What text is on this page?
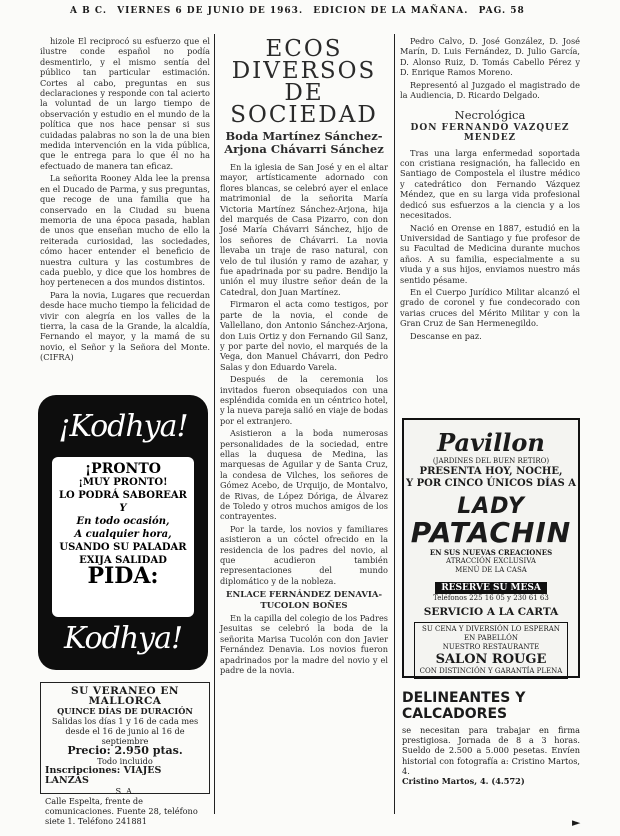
A B C. VIERNES 6 DE JUNIO DE 1963. EDICION DE LA MAÑANA. PAG. 58

hizole El reciprocó su esfuerzo que el ilustre conde español no podía desmentirlo, y el mismo sentía del público tan particular estimación. Cortes al cabo, preguntas en sus declaraciones y responde con tal acierto la voluntad de un largo tiempo de observación y estudio en el mundo de la política que nos hace pensar si sus cuidadas palabras no son la de una bien medida intervención en la vida pública, que le entrega para lo que él no ha efectuado de manera tan eficaz.

La señorita Rooney Alda lee la prensa en el Ducado de Parma, y sus preguntas, que recoge de una familia que ha conservado en la Ciudad su buena memoria de una época pasada, hablan de unos que enseñan mucho de ello la reiterada curiosidad, las sociedades, cómo hacer entender el beneficio de nuestra cultura y las costumbres de cada pueblo, y dice que los hombres de hoy pertenecen a dos mundos distintos.

Para la novia, Lugares que recuerdan desde hace mucho tiempo la felicidad de vivir con alegría en los valles de la tierra, la casa de la Grande, la alcaldía, Fernando el mayor, y la mamá de su novio, el Señor y la Señora del Monte. (CIFRA)

¡Kodhya!
¡PRONTO
¡MUY PRONTO!
LO PODRÁ SABOREAR
Y
En todo ocasión,
A cualquier hora,
USANDO SU PALADAR
EXIJA SALIDAD
PIDA:
Kodhya!
SU VERANEO EN MALLORCA
QUINCE DÍAS DE DURACIÓN
Salidas los días 1 y 16 de cada mes desde el 16 de junio al 16 de septiembre
Precio: 2.950 ptas.
Todo incluido
Inscripciones: VIAJES LANZAS
S. A.
Calle Espelta, frente de comunicaciones. Fuente 28, teléfono siete 1. Teléfono 241881
ECOS DIVERSOS DE SOCIEDAD
Boda Martínez Sánchez-Arjona Chávarri Sánchez

En la iglesia de San José y en el altar mayor, artísticamente adornado con flores blancas, se celebró ayer el enlace matrimonial de la señorita María Victoria Martínez Sánchez-Arjona, hija del marqués de Casa Pizarro, con don José María Chávarri Sánchez, hijo de los señores de Chávarri. La novia llevaba un traje de raso natural, con velo de tul ilusión y ramo de azahar, y fue apadrinada por su padre. Bendijo la unión el muy ilustre señor deán de la Catedral, don Juan Martínez.

Firmaron el acta como testigos, por parte de la novia, el conde de Vallellano, don Antonio Sánchez-Arjona, don Luis Ortiz y don Fernando Gil Sanz, y por parte del novio, el marqués de la Vega, don Manuel Chávarri, don Pedro Salas y don Eduardo Varela.

Después de la ceremonia los invitados fueron obsequiados con una espléndida comida en un céntrico hotel, y la nueva pareja salió en viaje de bodas por el extranjero.

Asistieron a la boda numerosas personalidades de la sociedad, entre ellas la duquesa de Medina, las marquesas de Aguilar y de Santa Cruz, la condesa de Vilches, los señores de Gómez Acebo, de Urquijo, de Montalvo, de Rivas, de López Dóriga, de Álvarez de Toledo y otros muchos amigos de los contrayentes.

Por la tarde, los novios y familiares asistieron a un cóctel ofrecido en la residencia de los padres del novio, al que acudieron también representaciones del mundo diplomático y de la nobleza.

ENLACE FERNÁNDEZ DENAVIA-TUCOLON BOÑES

En la capilla del colegio de los Padres Jesuitas se celebró la boda de la señorita Marisa Tucolón con don Javier Fernández Denavia. Los novios fueron apadrinados por la madre del novio y el padre de la novia.

Pedro Calvo, D. José González, D. José Marín, D. Luis Fernández, D. Julio García, D. Alonso Ruiz, D. Tomás Cabello Pérez y D. Enrique Ramos Moreno.

Representó al Juzgado el magistrado de la Audiencia, D. Ricardo Delgado.

Necrológica
DON FERNANDO VAZQUEZ MENDEZ

Tras una larga enfermedad soportada con cristiana resignación, ha fallecido en Santiago de Compostela el ilustre médico y catedrático don Fernando Vázquez Méndez, que en su larga vida profesional dedicó sus esfuerzos a la ciencia y a los necesitados.

Nació en Orense en 1887, estudió en la Universidad de Santiago y fue profesor de su Facultad de Medicina durante muchos años. A su familia, especialmente a su viuda y a sus hijos, enviamos nuestro más sentido pésame.

En el Cuerpo Jurídico Militar alcanzó el grado de coronel y fue condecorado con varias cruces del Mérito Militar y con la Gran Cruz de San Hermenegildo.

Descanse en paz.

Pavillon
(JARDINES DEL BUEN RETIRO)
PRESENTA HOY, NOCHE,
Y POR CINCO ÚNICOS DÍAS A
LADY
PATACHIN
EN SUS NUEVAS CREACIONES
ATRACCIÓN EXCLUSIVA
MENÚ DE LA CASA
RESERVE SU MESA
Teléfonos 225 16 05 y 230 61 63
SERVICIO A LA CARTA
SU CENA Y DIVERSIÓN LO ESPERAN EN PABELLÓN
NUESTRO RESTAURANTE
SALON ROUGE
CON DISTINCIÓN Y GARANTÍA PLENA
DELINEANTES Y CALCADORES
se necesitan para trabajar en firma prestigiosa. Jornada de 8 a 3 horas. Sueldo de 2.500 a 5.000 pesetas. Envíen historial con fotografía a: Cristino Martos, 4.
Cristino Martos, 4. (4.572)
►
